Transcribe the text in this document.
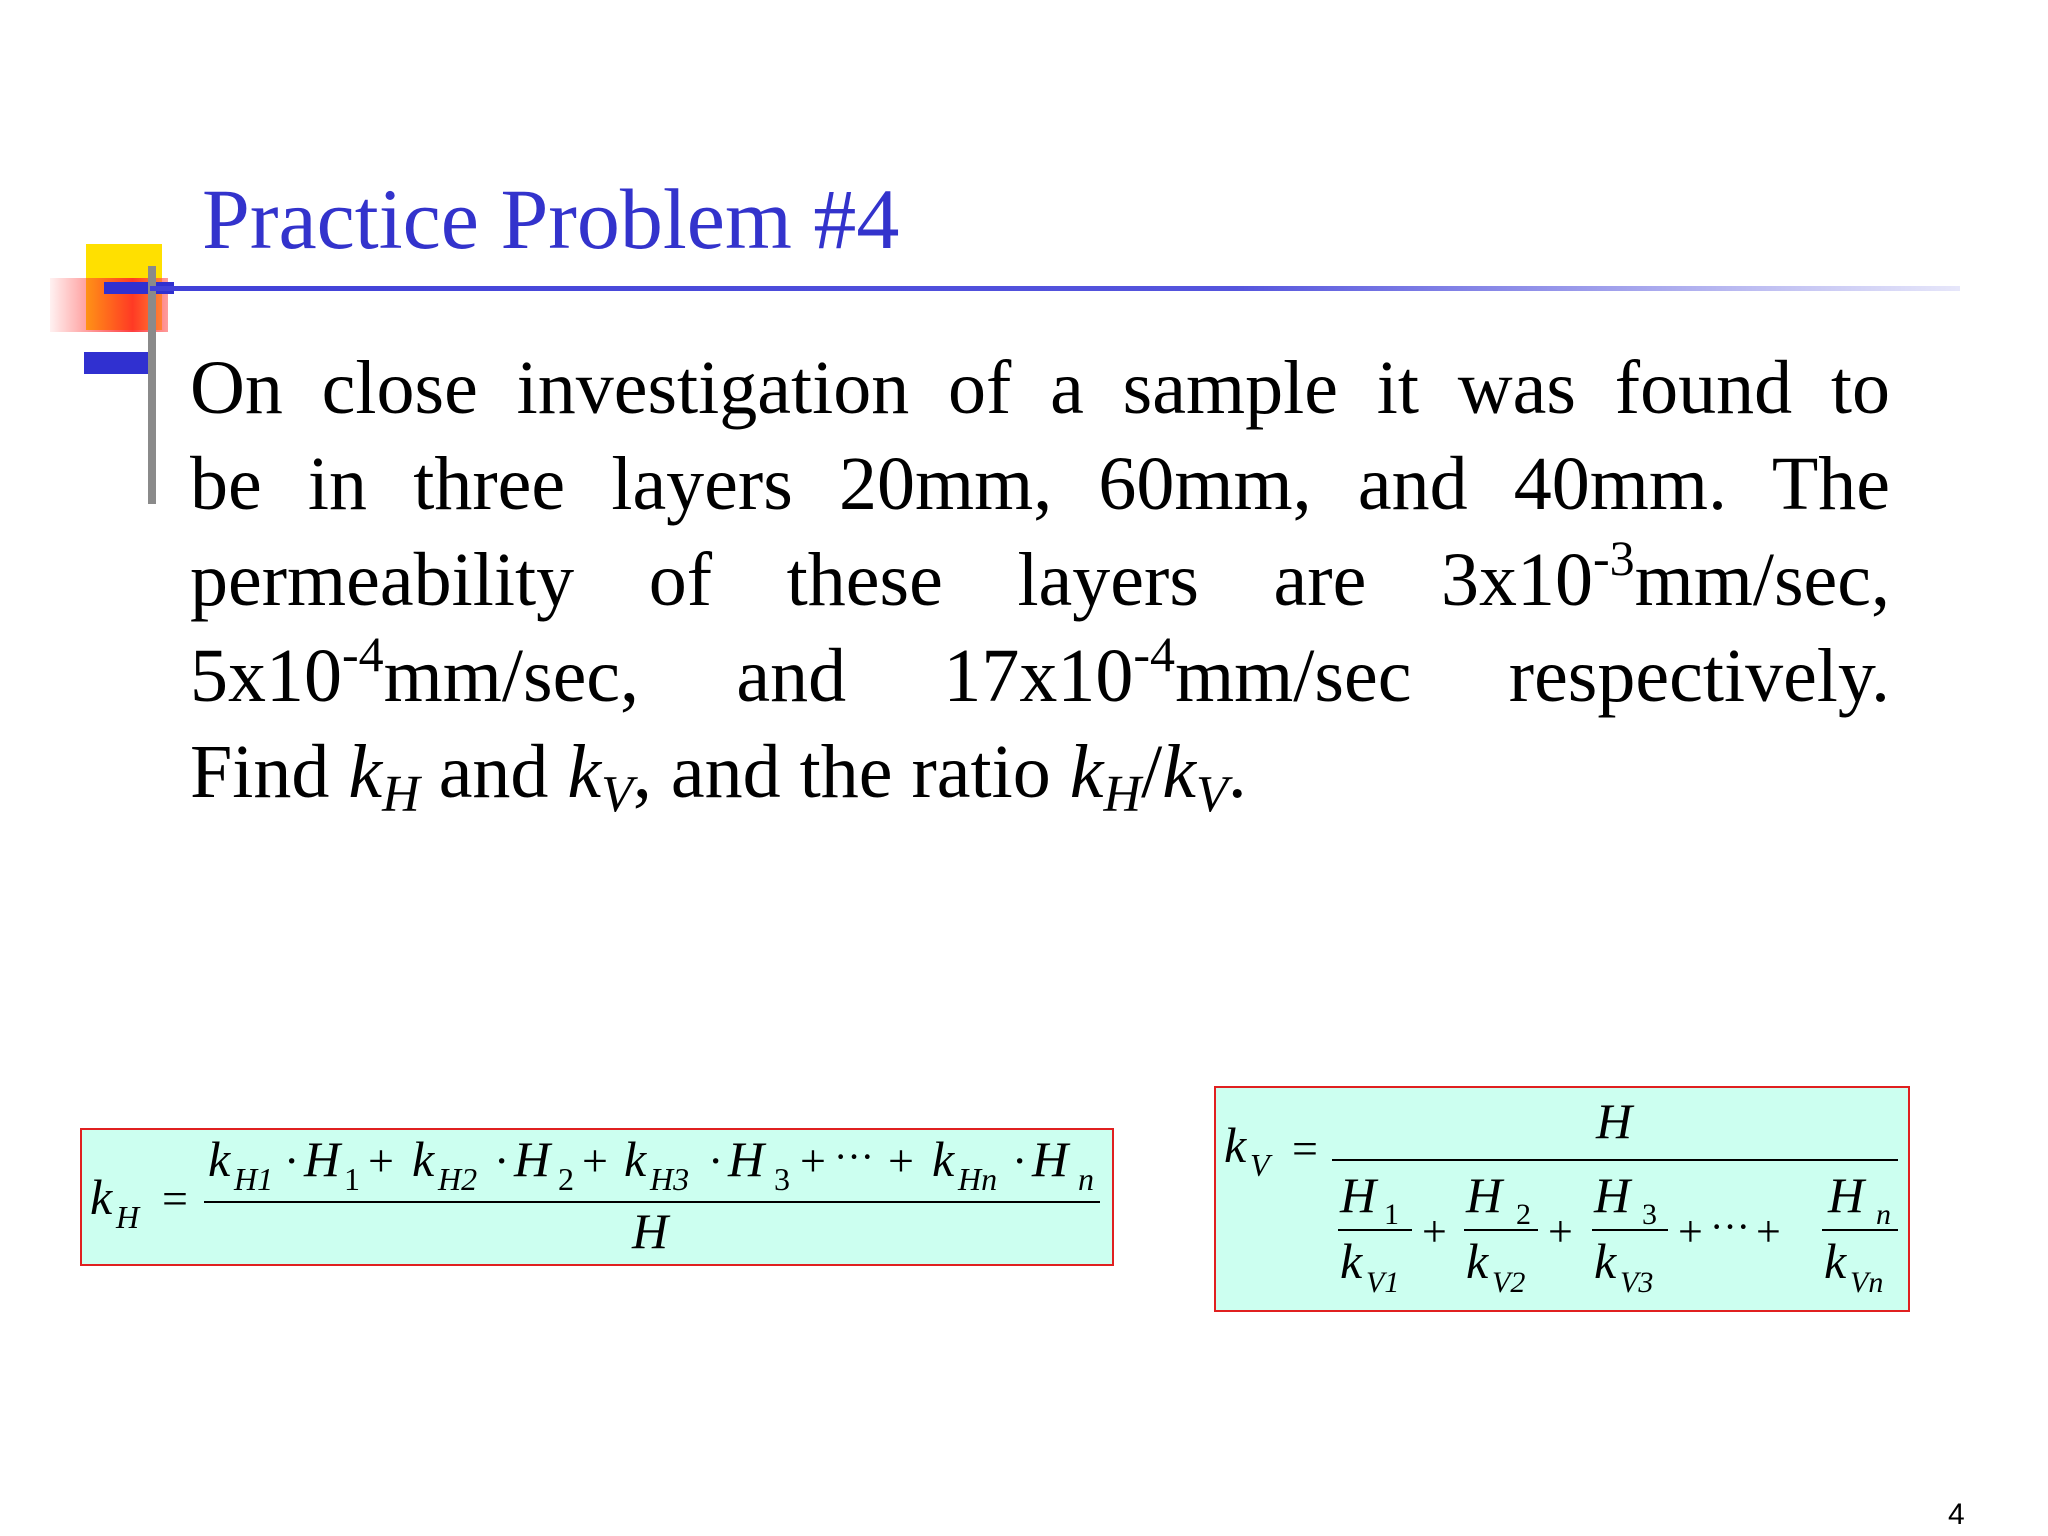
Practice Problem #4
On close investigation of a sample it was found to
be in three layers 20mm, 60mm, and 40mm. The
permeability of these layers are $3x10^{-3}mm/\sec$,
$5x10^{-4}mm/\sec$, and $17x10^{-4}mm/\sec$ respectively.
Find $k_H$ and $k_V$, and the ratio $k_H/k_V$.
k H =
k H1 · H 1 + k H2 · H 2 + k H3 · H 3 + ··· + k Hn · H n
H
k V =	H
H 1
k V1
+
H 2
k V2
+
H 3
k V3
+ ··· +
H n
k Vn
4
